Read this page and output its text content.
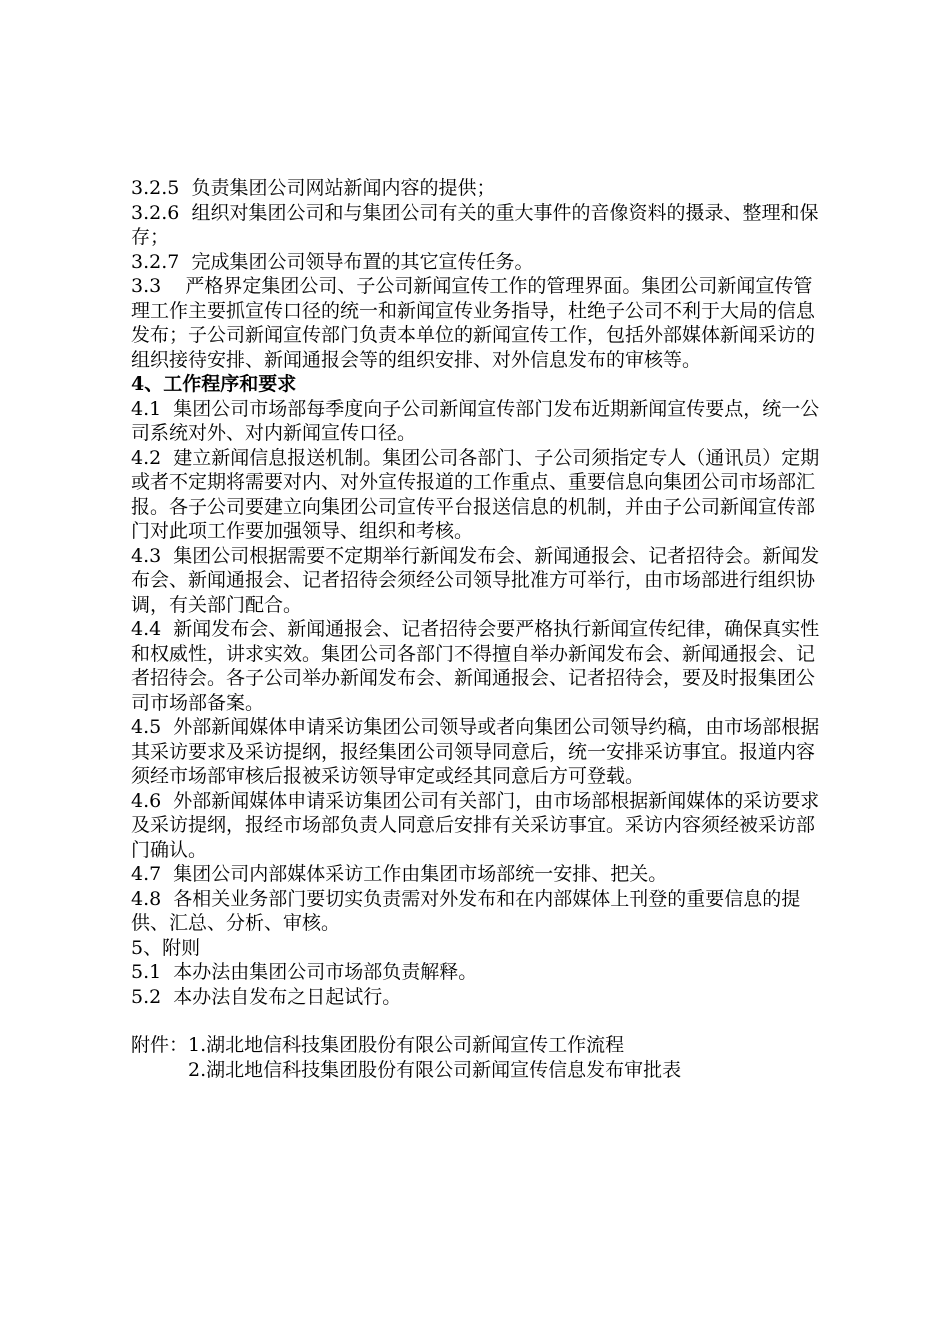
3.2.5  负责集团公司网站新闻内容的提供；

3.2.6  组织对集团公司和与集团公司有关的重大事件的音像资料的摄录、整理和保存；

3.2.7  完成集团公司领导布置的其它宣传任务。

3.3    严格界定集团公司、子公司新闻宣传工作的管理界面。集团公司新闻宣传管理工作主要抓宣传口径的统一和新闻宣传业务指导，杜绝子公司不利于大局的信息发布；子公司新闻宣传部门负责本单位的新闻宣传工作，包括外部媒体新闻采访的组织接待安排、新闻通报会等的组织安排、对外信息发布的审核等。

4、工作程序和要求

4.1  集团公司市场部每季度向子公司新闻宣传部门发布近期新闻宣传要点，统一公司系统对外、对内新闻宣传口径。

4.2  建立新闻信息报送机制。集团公司各部门、子公司须指定专人（通讯员）定期或者不定期将需要对内、对外宣传报道的工作重点、重要信息向集团公司市场部汇报。各子公司要建立向集团公司宣传平台报送信息的机制，并由子公司新闻宣传部门对此项工作要加强领导、组织和考核。

4.3  集团公司根据需要不定期举行新闻发布会、新闻通报会、记者招待会。新闻发布会、新闻通报会、记者招待会须经公司领导批准方可举行，由市场部进行组织协调，有关部门配合。

4.4  新闻发布会、新闻通报会、记者招待会要严格执行新闻宣传纪律，确保真实性和权威性，讲求实效。集团公司各部门不得擅自举办新闻发布会、新闻通报会、记者招待会。各子公司举办新闻发布会、新闻通报会、记者招待会，要及时报集团公司市场部备案。

4.5  外部新闻媒体申请采访集团公司领导或者向集团公司领导约稿，由市场部根据其采访要求及采访提纲，报经集团公司领导同意后，统一安排采访事宜。报道内容须经市场部审核后报被采访领导审定或经其同意后方可登载。

4.6  外部新闻媒体申请采访集团公司有关部门，由市场部根据新闻媒体的采访要求及采访提纲，报经市场部负责人同意后安排有关采访事宜。采访内容须经被采访部门确认。

4.7  集团公司内部媒体采访工作由集团市场部统一安排、把关。

4.8  各相关业务部门要切实负责需对外发布和在内部媒体上刊登的重要信息的提供、汇总、分析、审核。

5、附则

5.1  本办法由集团公司市场部负责解释。

5.2  本办法自发布之日起试行。

附件： 1.湖北地信科技集团股份有限公司新闻宣传工作流程
2.湖北地信科技集团股份有限公司新闻宣传信息发布审批表
